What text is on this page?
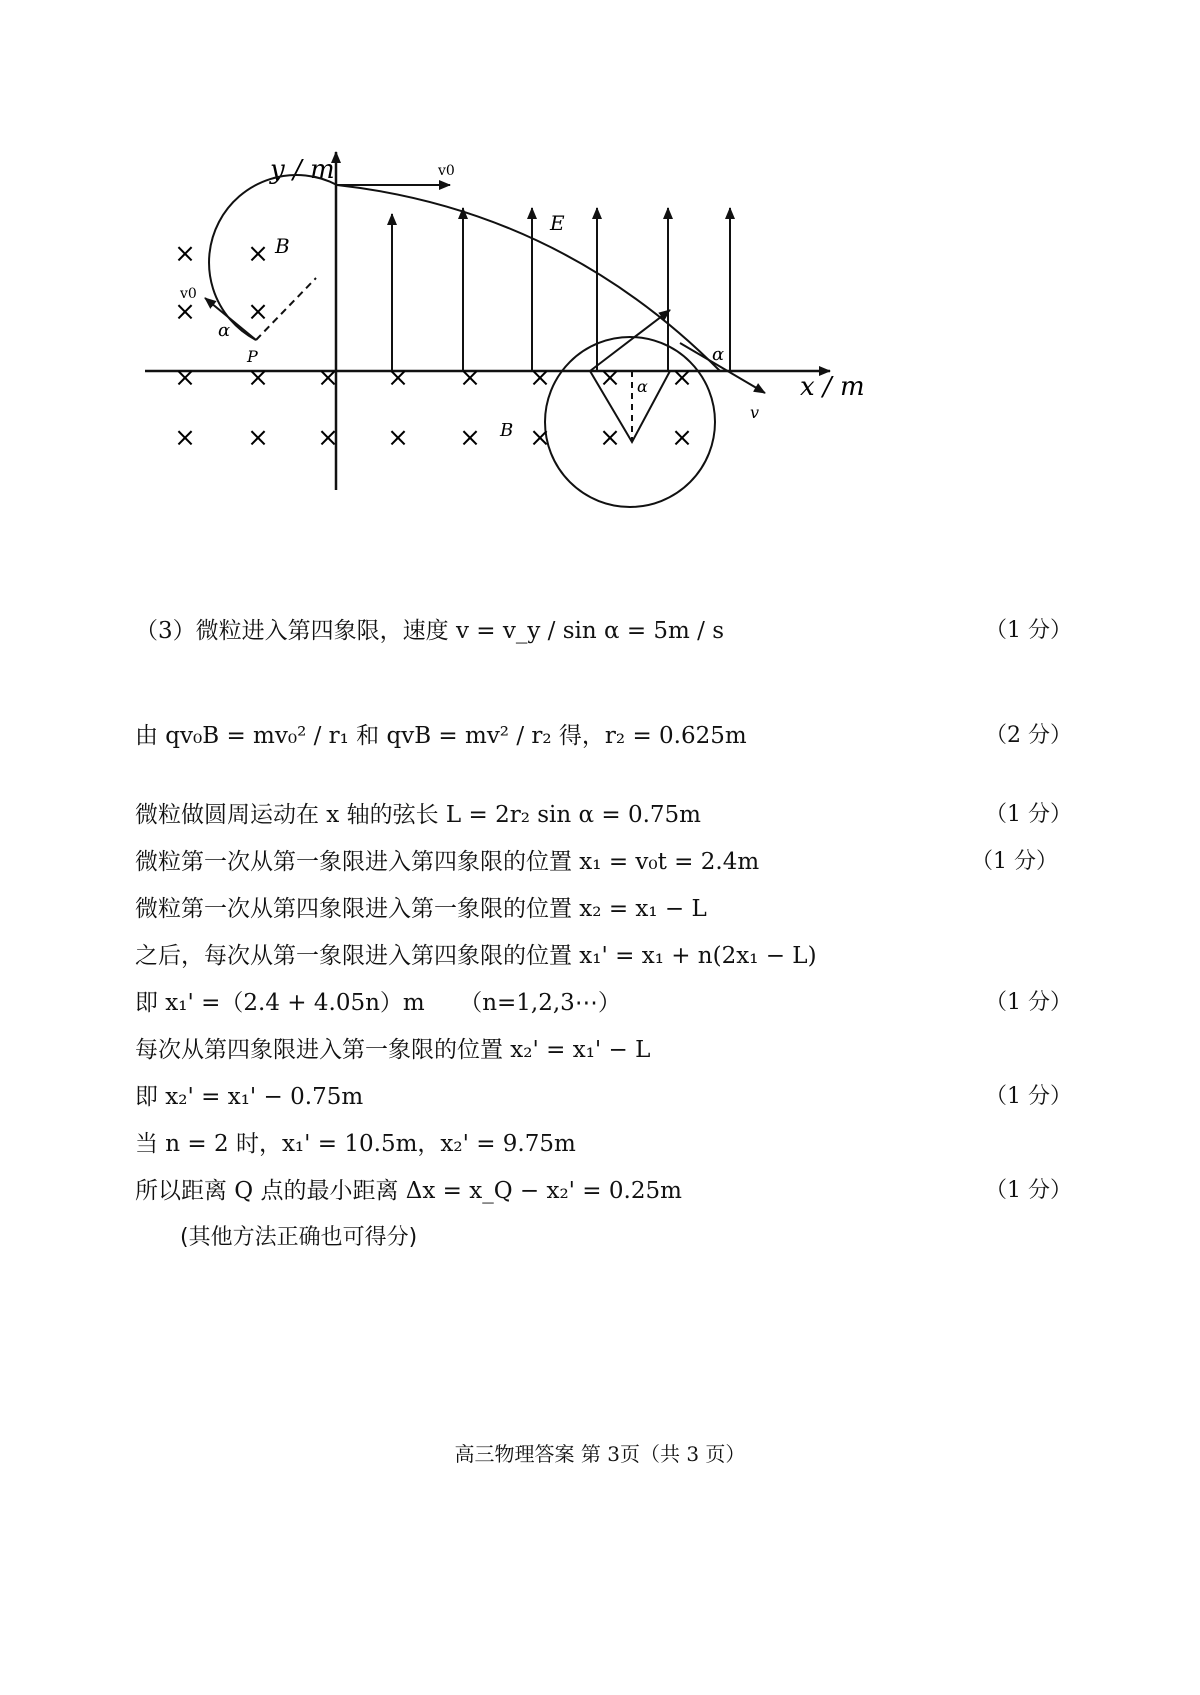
y / m
x / m
E
v0
v0
α
P
B
v
α
α
B
× ×
× ×
× × × × × × × ×
× × × × × × × ×
（3）微粒进入第四象限，速度 v = v_y / sin α = 5m / s	（1 分）
由 qv₀B = mv₀² / r₁ 和 qvB = mv² / r₂ 得，r₂ = 0.625m	（2 分）
微粒做圆周运动在 x 轴的弦长 L = 2r₂ sin α = 0.75m	（1 分）
微粒第一次从第一象限进入第四象限的位置 x₁ = v₀t = 2.4m	（1 分）
微粒第一次从第四象限进入第一象限的位置 x₂ = x₁ − L
之后，每次从第一象限进入第四象限的位置 x₁' = x₁ + n(2x₁ − L)
即 x₁' =（2.4 + 4.05n）m　　（n=1,2,3⋯）	（1 分）
每次从第四象限进入第一象限的位置 x₂' = x₁' − L
即 x₂' = x₁' − 0.75m	（1 分）
当 n = 2 时，x₁' = 10.5m，x₂' = 9.75m
所以距离 Q 点的最小距离 Δx = x_Q − x₂' = 0.25m	（1 分）
(其他方法正确也可得分)
高三物理答案 第 3页（共 3 页）
